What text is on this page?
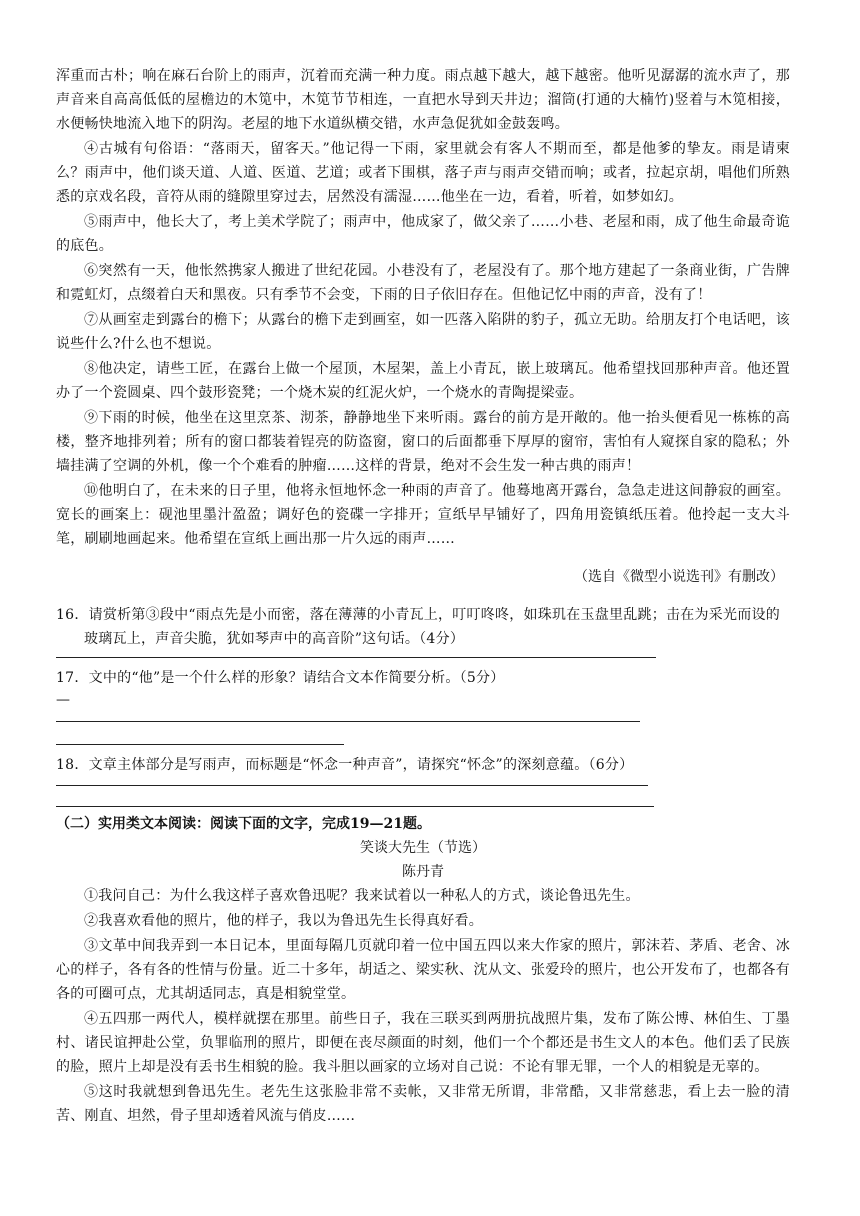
浑重而古朴；响在麻石台阶上的雨声，沉着而充满一种力度。雨点越下越大，越下越密。他听见潺潺的流水声了，那声音来自高高低低的屋檐边的木笕中，木笕节节相连，一直把水导到天井边；溜筒(打通的大楠竹)竖着与木笕相接，水便畅快地流入地下的阴沟。老屋的地下水道纵横交错，水声急促犹如金鼓轰鸣。

④古城有句俗语：“落雨天，留客天。”他记得一下雨，家里就会有客人不期而至，都是他爹的挚友。雨是请柬么？雨声中，他们谈天道、人道、医道、艺道；或者下围棋，落子声与雨声交错而响；或者，拉起京胡，唱他们所熟悉的京戏名段，音符从雨的缝隙里穿过去，居然没有濡湿……他坐在一边，看着，听着，如梦如幻。

⑤雨声中，他长大了，考上美术学院了；雨声中，他成家了，做父亲了……小巷、老屋和雨，成了他生命最奇诡的底色。

⑥突然有一天，他怅然携家人搬进了世纪花园。小巷没有了，老屋没有了。那个地方建起了一条商业街，广告牌和霓虹灯，点缀着白天和黑夜。只有季节不会变，下雨的日子依旧存在。但他记忆中雨的声音，没有了！

⑦从画室走到露台的檐下；从露台的檐下走到画室，如一匹落入陷阱的豹子，孤立无助。给朋友打个电话吧，该说些什么?什么也不想说。

⑧他决定，请些工匠，在露台上做一个屋顶，木屋架，盖上小青瓦，嵌上玻璃瓦。他希望找回那种声音。他还置办了一个瓷圆桌、四个鼓形瓷凳；一个烧木炭的红泥火炉，一个烧水的青陶提梁壶。

⑨下雨的时候，他坐在这里烹茶、沏茶，静静地坐下来听雨。露台的前方是开敞的。他一抬头便看见一栋栋的高楼，整齐地排列着；所有的窗口都装着锃亮的防盗窗，窗口的后面都垂下厚厚的窗帘，害怕有人窥探自家的隐私；外墙挂满了空调的外机，像一个个难看的肿瘤……这样的背景，绝对不会生发一种古典的雨声！

⑩他明白了，在未来的日子里，他将永恒地怀念一种雨的声音了。他蓦地离开露台，急急走进这间静寂的画室。宽长的画案上：砚池里墨汁盈盈；调好色的瓷碟一字排开；宣纸早早铺好了，四角用瓷镇纸压着。他拎起一支大斗笔，刷刷地画起来。他希望在宣纸上画出那一片久远的雨声……

（选自《微型小说选刊》有删改）

16．请赏析第③段中“雨点先是小而密，落在薄薄的小青瓦上，叮叮咚咚，如珠玑在玉盘里乱跳；击在为采光而设的玻璃瓦上，声音尖脆，犹如琴声中的高音阶”这句话。（4分）

17．文中的“他”是一个什么样的形象？请结合文本作简要分析。（5分）

—

18．文章主体部分是写雨声，而标题是“怀念一种声音”，请探究“怀念”的深刻意蕴。（6分）

（二）实用类文本阅读：阅读下面的文字，完成19—21题。

笑谈大先生（节选）

陈丹青

①我问自己：为什么我这样子喜欢鲁迅呢？我来试着以一种私人的方式，谈论鲁迅先生。

②我喜欢看他的照片，他的样子，我以为鲁迅先生长得真好看。

③文革中间我弄到一本日记本，里面每隔几页就印着一位中国五四以来大作家的照片，郭沫若、茅盾、老舍、冰心的样子，各有各的性情与份量。近二十多年，胡适之、梁实秋、沈从文、张爱玲的照片，也公开发布了，也都各有各的可圈可点，尤其胡适同志，真是相貌堂堂。

④五四那一两代人，模样就摆在那里。前些日子，我在三联买到两册抗战照片集，发布了陈公博、林伯生、丁墨村、诸民谊押赴公堂，负罪临刑的照片，即便在丧尽颜面的时刻，他们一个个都还是书生文人的本色。他们丢了民族的脸，照片上却是没有丢书生相貌的脸。我斗胆以画家的立场对自己说：不论有罪无罪，一个人的相貌是无辜的。

⑤这时我就想到鲁迅先生。老先生这张脸非常不卖帐，又非常无所谓，非常酷，又非常慈悲，看上去一脸的清苦、刚直、坦然，骨子里却透着风流与俏皮……
